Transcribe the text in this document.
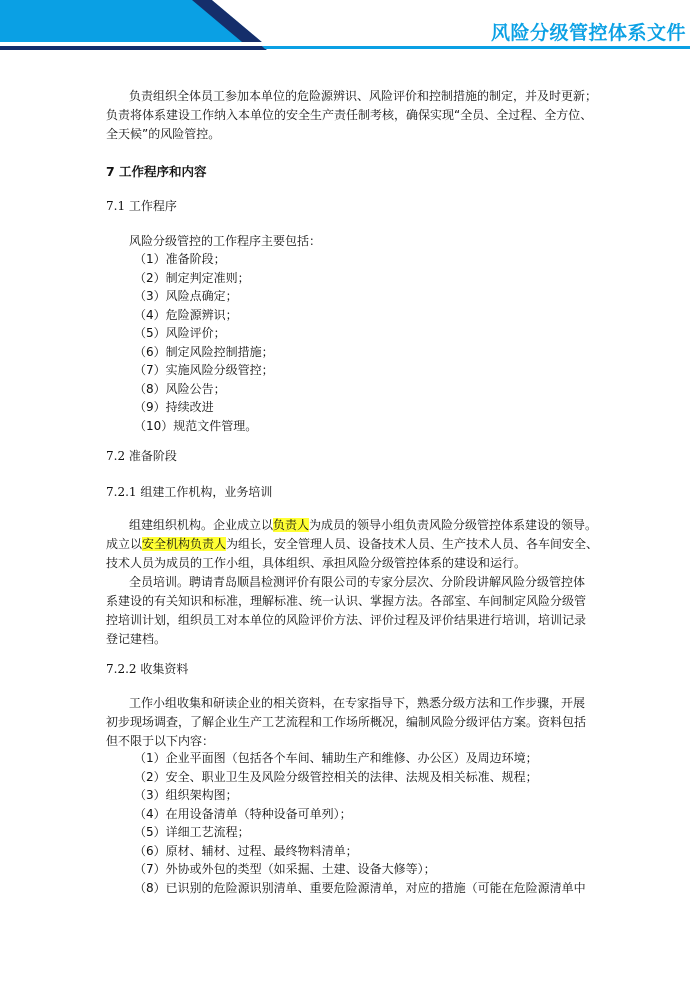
风险分级管控体系文件
负责组织全体员工参加本单位的危险源辨识、风险评价和控制措施的制定，并及时更新；
负责将体系建设工作纳入本单位的安全生产责任制考核，确保实现“全员、全过程、全方位、
全天候”的风险管控。
7 工作程序和内容
7.1 工作程序
风险分级管控的工作程序主要包括：
（1）准备阶段；
（2）制定判定准则；
（3）风险点确定；
（4）危险源辨识；
（5）风险评价；
（6）制定风险控制措施；
（7）实施风险分级管控；
（8）风险公告；
（9）持续改进
（10）规范文件管理。
7.2 准备阶段
7.2.1 组建工作机构，业务培训
组建组织机构。企业成立以负责人为成员的领导小组负责风险分级管控体系建设的领导。
成立以安全机构负责人为组长，安全管理人员、设备技术人员、生产技术人员、各车间安全、
技术人员为成员的工作小组，具体组织、承担风险分级管控体系的建设和运行。
全员培训。聘请青岛顺昌检测评价有限公司的专家分层次、分阶段讲解风险分级管控体
系建设的有关知识和标准，理解标准、统一认识、掌握方法。各部室、车间制定风险分级管
控培训计划，组织员工对本单位的风险评价方法、评价过程及评价结果进行培训，培训记录
登记建档。
7.2.2 收集资料
工作小组收集和研读企业的相关资料，在专家指导下，熟悉分级方法和工作步骤，开展
初步现场调查，了解企业生产工艺流程和工作场所概况，编制风险分级评估方案。资料包括
但不限于以下内容：
（1）企业平面图（包括各个车间、辅助生产和维修、办公区）及周边环境；
（2）安全、职业卫生及风险分级管控相关的法律、法规及相关标准、规程；
（3）组织架构图；
（4）在用设备清单（特种设备可单列）；
（5）详细工艺流程；
（6）原材、辅材、过程、最终物料清单；
（7）外协或外包的类型（如采掘、土建、设备大修等）；
（8）已识别的危险源识别清单、重要危险源清单，对应的措施（可能在危险源清单中
